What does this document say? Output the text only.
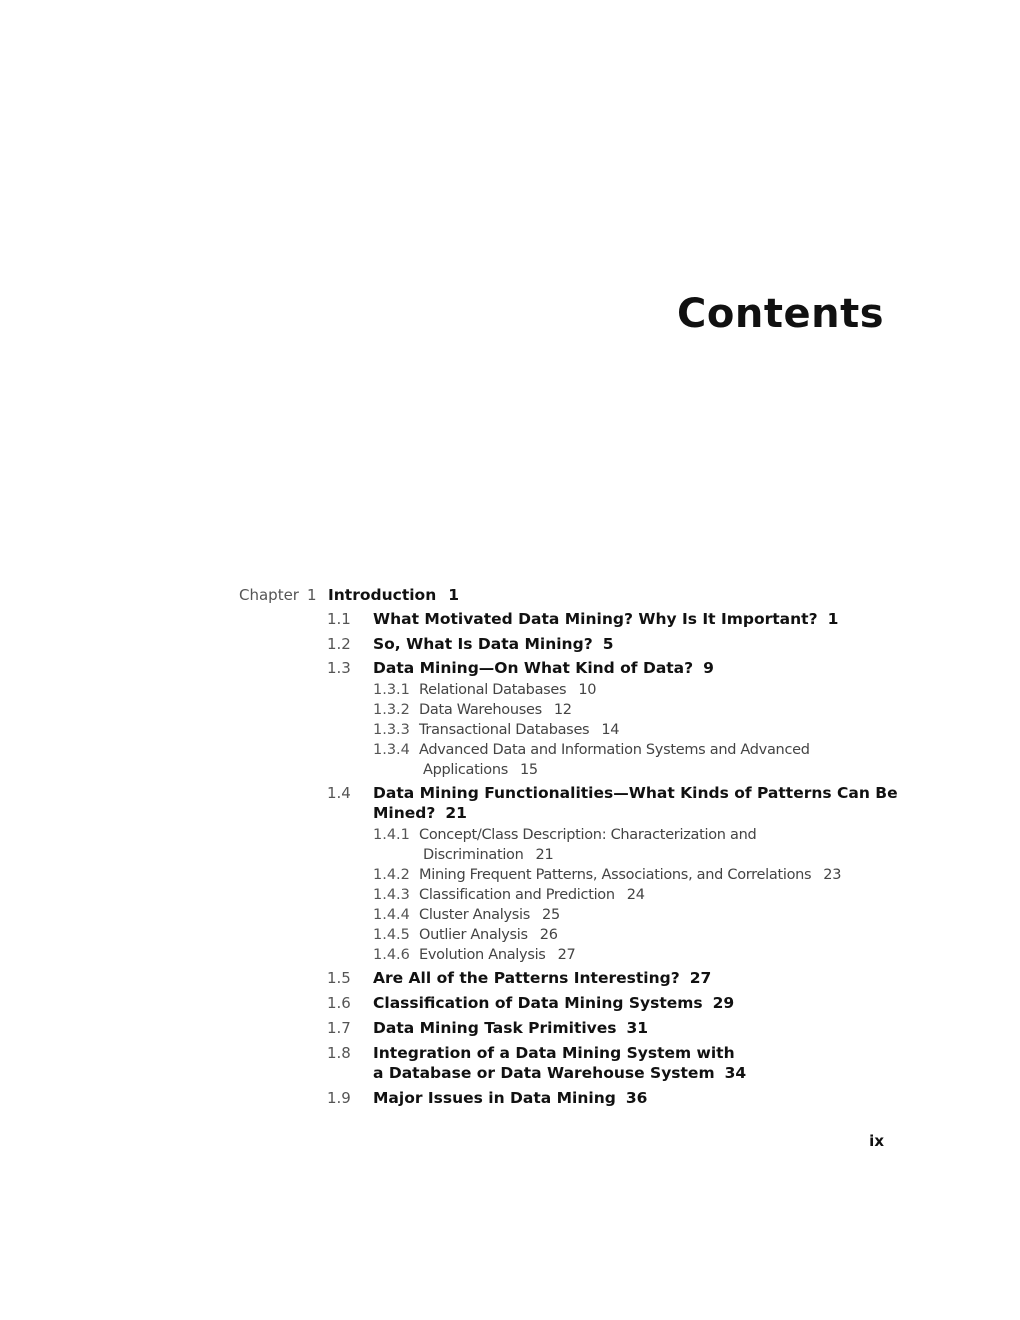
Contents
Chapter 1 Introduction 1
1.1 What Motivated Data Mining? Why Is It Important? 1
1.2 So, What Is Data Mining? 5
1.3 Data Mining—On What Kind of Data? 9
1.3.1 Relational Databases 10
1.3.2 Data Warehouses 12
1.3.3 Transactional Databases 14
1.3.4 Advanced Data and Information Systems and Advanced
Applications 15
1.4 Data Mining Functionalities—What Kinds of Patterns Can Be
Mined? 21
1.4.1 Concept/Class Description: Characterization and
Discrimination 21
1.4.2 Mining Frequent Patterns, Associations, and Correlations 23
1.4.3 Classification and Prediction 24
1.4.4 Cluster Analysis 25
1.4.5 Outlier Analysis 26
1.4.6 Evolution Analysis 27
1.5 Are All of the Patterns Interesting? 27
1.6 Classification of Data Mining Systems 29
1.7 Data Mining Task Primitives 31
1.8 Integration of a Data Mining System with
a Database or Data Warehouse System 34
1.9 Major Issues in Data Mining 36
ix
